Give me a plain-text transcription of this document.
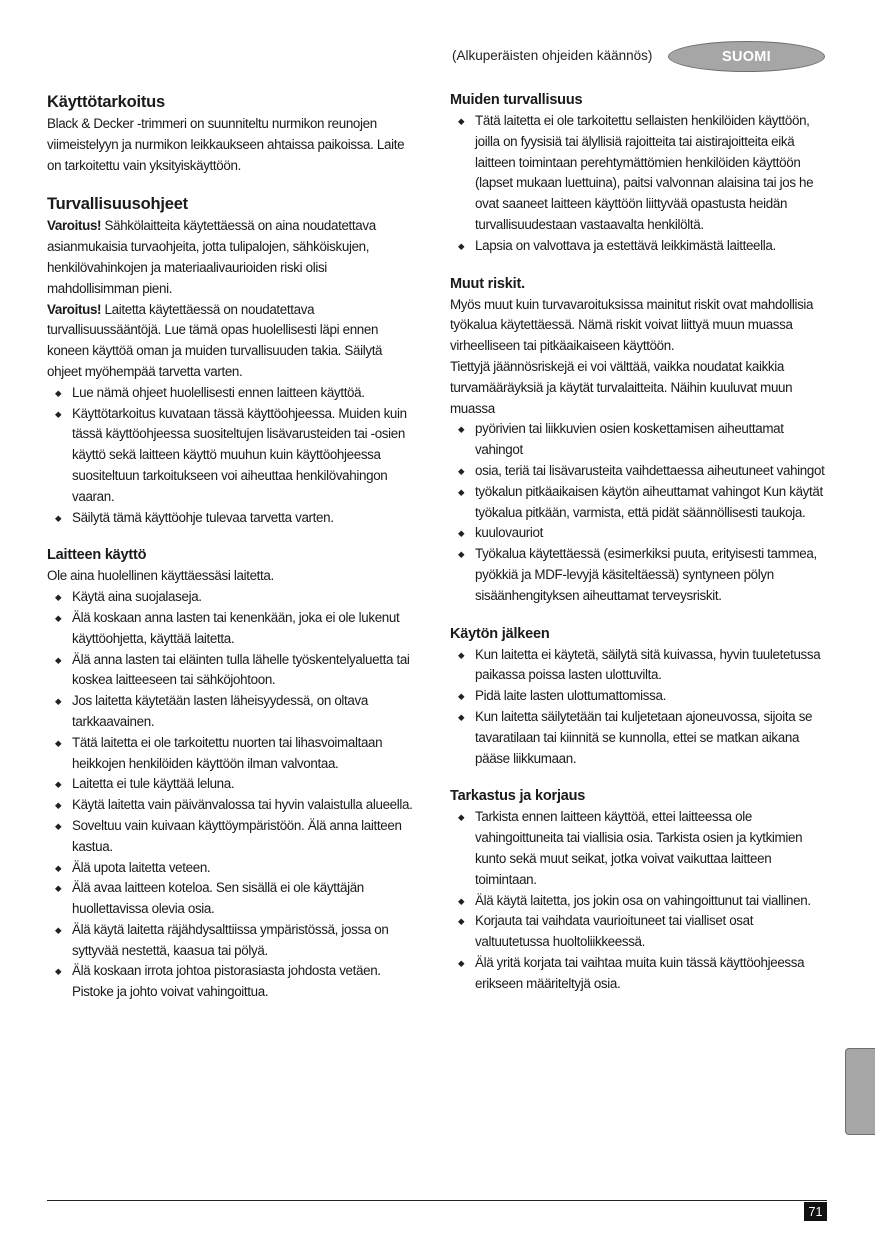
(Alkuperäisten ohjeiden käännös)	SUOMI
Käyttötarkoitus

Black & Decker -trimmeri on suunniteltu nurmikon reunojen viimeistelyyn ja nurmikon leikkaukseen ahtaissa paikoissa. Laite on tarkoitettu vain yksityiskäyttöön.

Turvallisuusohjeet

Varoitus! Sähkölaitteita käytettäessä on aina noudatettava asianmukaisia turvaohjeita, jotta tulipalojen, sähköiskujen, henkilövahinkojen ja materiaalivaurioiden riski olisi mahdollisimman pieni.

Varoitus! Laitetta käytettäessä on noudatettava turvallisuussääntöjä. Lue tämä opas huolellisesti läpi ennen koneen käyttöä oman ja muiden turvallisuuden takia. Säilytä ohjeet myöhempää tarvetta varten.

◆ Lue nämä ohjeet huolellisesti ennen laitteen käyttöä.
◆ Käyttötarkoitus kuvataan tässä käyttöohjeessa. Muiden kuin tässä käyttöohjeessa suositeltujen lisävarusteiden tai -osien käyttö sekä laitteen käyttö muuhun kuin käyttöohjeessa suositeltuun tarkoitukseen voi aiheuttaa henkilövahingon vaaran.
◆ Säilytä tämä käyttöohje tulevaa tarvetta varten.
Laitteen käyttö

Ole aina huolellinen käyttäessäsi laitetta.

◆ Käytä aina suojalaseja.
◆ Älä koskaan anna lasten tai kenenkään, joka ei ole lukenut käyttöohjetta, käyttää laitetta.
◆ Älä anna lasten tai eläinten tulla lähelle työskentelyaluetta tai koskea laitteeseen tai sähköjohtoon.
◆ Jos laitetta käytetään lasten läheisyydessä, on oltava tarkkaavainen.
◆ Tätä laitetta ei ole tarkoitettu nuorten tai lihasvoimaltaan heikkojen henkilöiden käyttöön ilman valvontaa.
◆ Laitetta ei tule käyttää leluna.
◆ Käytä laitetta vain päivänvalossa tai hyvin valaistulla alueella.
◆ Soveltuu vain kuivaan käyttöympäristöön. Älä anna laitteen kastua.
◆ Älä upota laitetta veteen.
◆ Älä avaa laitteen koteloa. Sen sisällä ei ole käyttäjän huollettavissa olevia osia.
◆ Älä käytä laitetta räjähdysalttiissa ympäristössä, jossa on syttyvää nestettä, kaasua tai pölyä.
◆ Älä koskaan irrota johtoa pistorasiasta johdosta vetäen. Pistoke ja johto voivat vahingoittua.
Muiden turvallisuus
◆ Tätä laitetta ei ole tarkoitettu sellaisten henkilöiden käyttöön, joilla on fyysisiä tai älyllisiä rajoitteita tai aistirajoitteita eikä laitteen toimintaan perehtymättömien henkilöiden käyttöön (lapset mukaan luettuina), paitsi valvonnan alaisina tai jos he ovat saaneet laitteen käyttöön liittyvää opastusta heidän turvallisuudestaan vastaavalta henkilöltä.
◆ Lapsia on valvottava ja estettävä leikkimästä laitteella.
Muut riskit.

Myös muut kuin turvavaroituksissa mainitut riskit ovat mahdollisia työkalua käytettäessä. Nämä riskit voivat liittyä muun muassa virheelliseen tai pitkäaikaiseen käyttöön.

Tiettyjä jäännösriskejä ei voi välttää, vaikka noudatat kaikkia turvamääräyksiä ja käytät turvalaitteita. Näihin kuuluvat muun muassa

◆ pyörivien tai liikkuvien osien koskettamisen aiheuttamat vahingot
◆ osia, teriä tai lisävarusteita vaihdettaessa aiheutuneet vahingot
◆ työkalun pitkäaikaisen käytön aiheuttamat vahingot Kun käytät työkalua pitkään, varmista, että pidät säännöllisesti taukoja.
◆ kuulovauriot
◆ Työkalua käytettäessä (esimerkiksi puuta, erityisesti tammea, pyökkiä ja MDF-levyjä käsiteltäessä) syntyneen pölyn sisäänhengityksen aiheuttamat terveysriskit.
Käytön jälkeen
◆ Kun laitetta ei käytetä, säilytä sitä kuivassa, hyvin tuuletetussa paikassa poissa lasten ulottuvilta.
◆ Pidä laite lasten ulottumattomissa.
◆ Kun laitetta säilytetään tai kuljetetaan ajoneuvossa, sijoita se tavaratilaan tai kiinnitä se kunnolla, ettei se matkan aikana pääse liikkumaan.
Tarkastus ja korjaus
◆ Tarkista ennen laitteen käyttöä, ettei laitteessa ole vahingoittuneita tai viallisia osia. Tarkista osien ja kytkimien kunto sekä muut seikat, jotka voivat vaikuttaa laitteen toimintaan.
◆ Älä käytä laitetta, jos jokin osa on vahingoittunut tai viallinen.
◆ Korjauta tai vaihdata vaurioituneet tai vialliset osat valtuutetussa huoltoliikkeessä.
◆ Älä yritä korjata tai vaihtaa muita kuin tässä käyttöohjeessa erikseen määriteltyjä osia.
71
